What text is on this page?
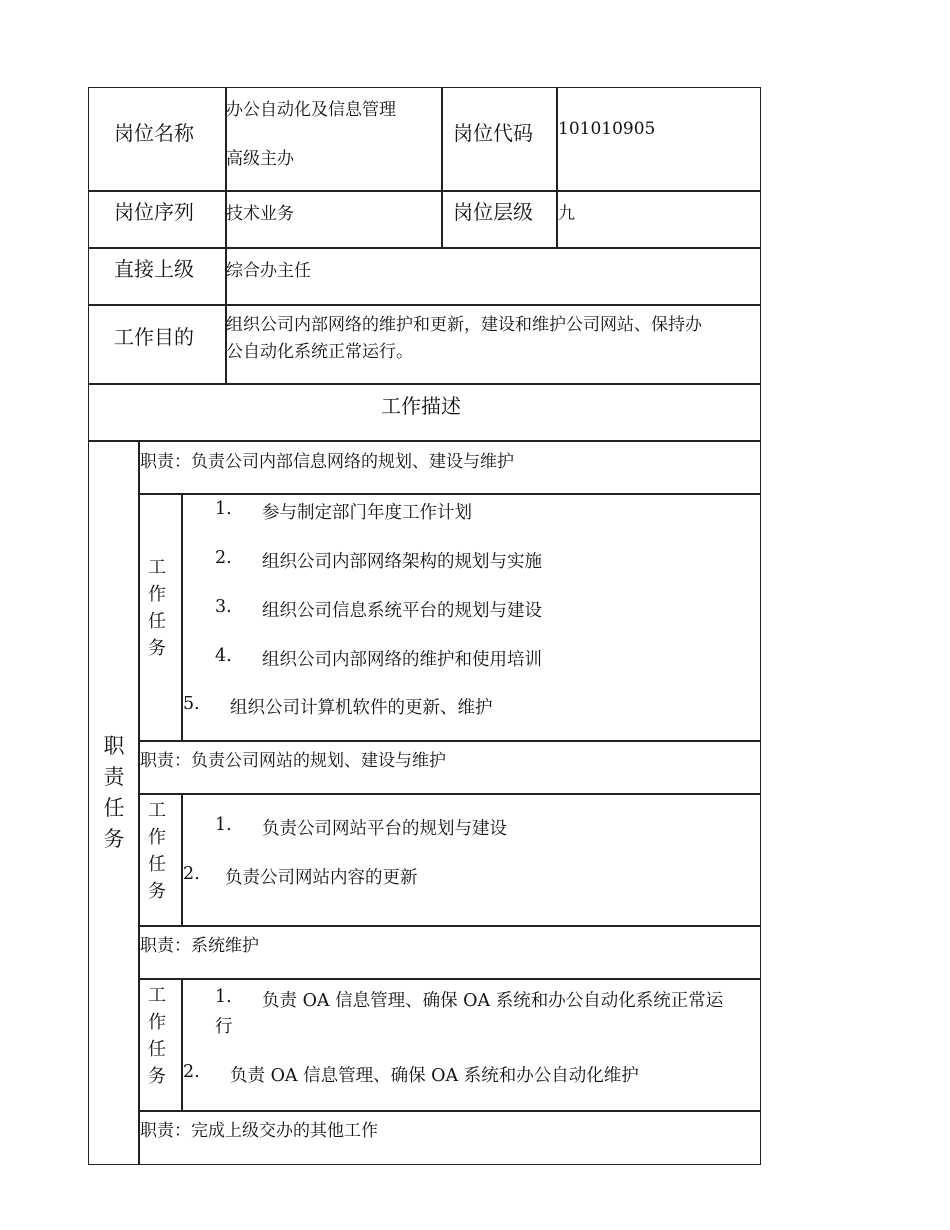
岗位名称
办公自动化及信息管理
高级主办
岗位代码 101010905
岗位序列 技术业务	岗位层级 九
直接上级 综合办主任
工作目的 组织公司内部网络的维护和更新，建设和维护公司网站、保持办
公自动化系统正常运行。
工作描述
职
责
任
务
职责：负责公司内部信息网络的规划、建设与维护
工
作
任
务
1. 参与制定部门年度工作计划
2. 组织公司内部网络架构的规划与实施
3. 组织公司信息系统平台的规划与建设
4. 组织公司内部网络的维护和使用培训
5. 组织公司计算机软件的更新、维护
职责：负责公司网站的规划、建设与维护
工
作
任
务
1. 负责公司网站平台的规划与建设
2. 负责公司网站内容的更新
职责：系统维护
工
作
任
务
1. 负责 OA 信息管理、确保 OA 系统和办公自动化系统正常运
行
2. 负责 OA 信息管理、确保 OA 系统和办公自动化维护
职责：完成上级交办的其他工作
